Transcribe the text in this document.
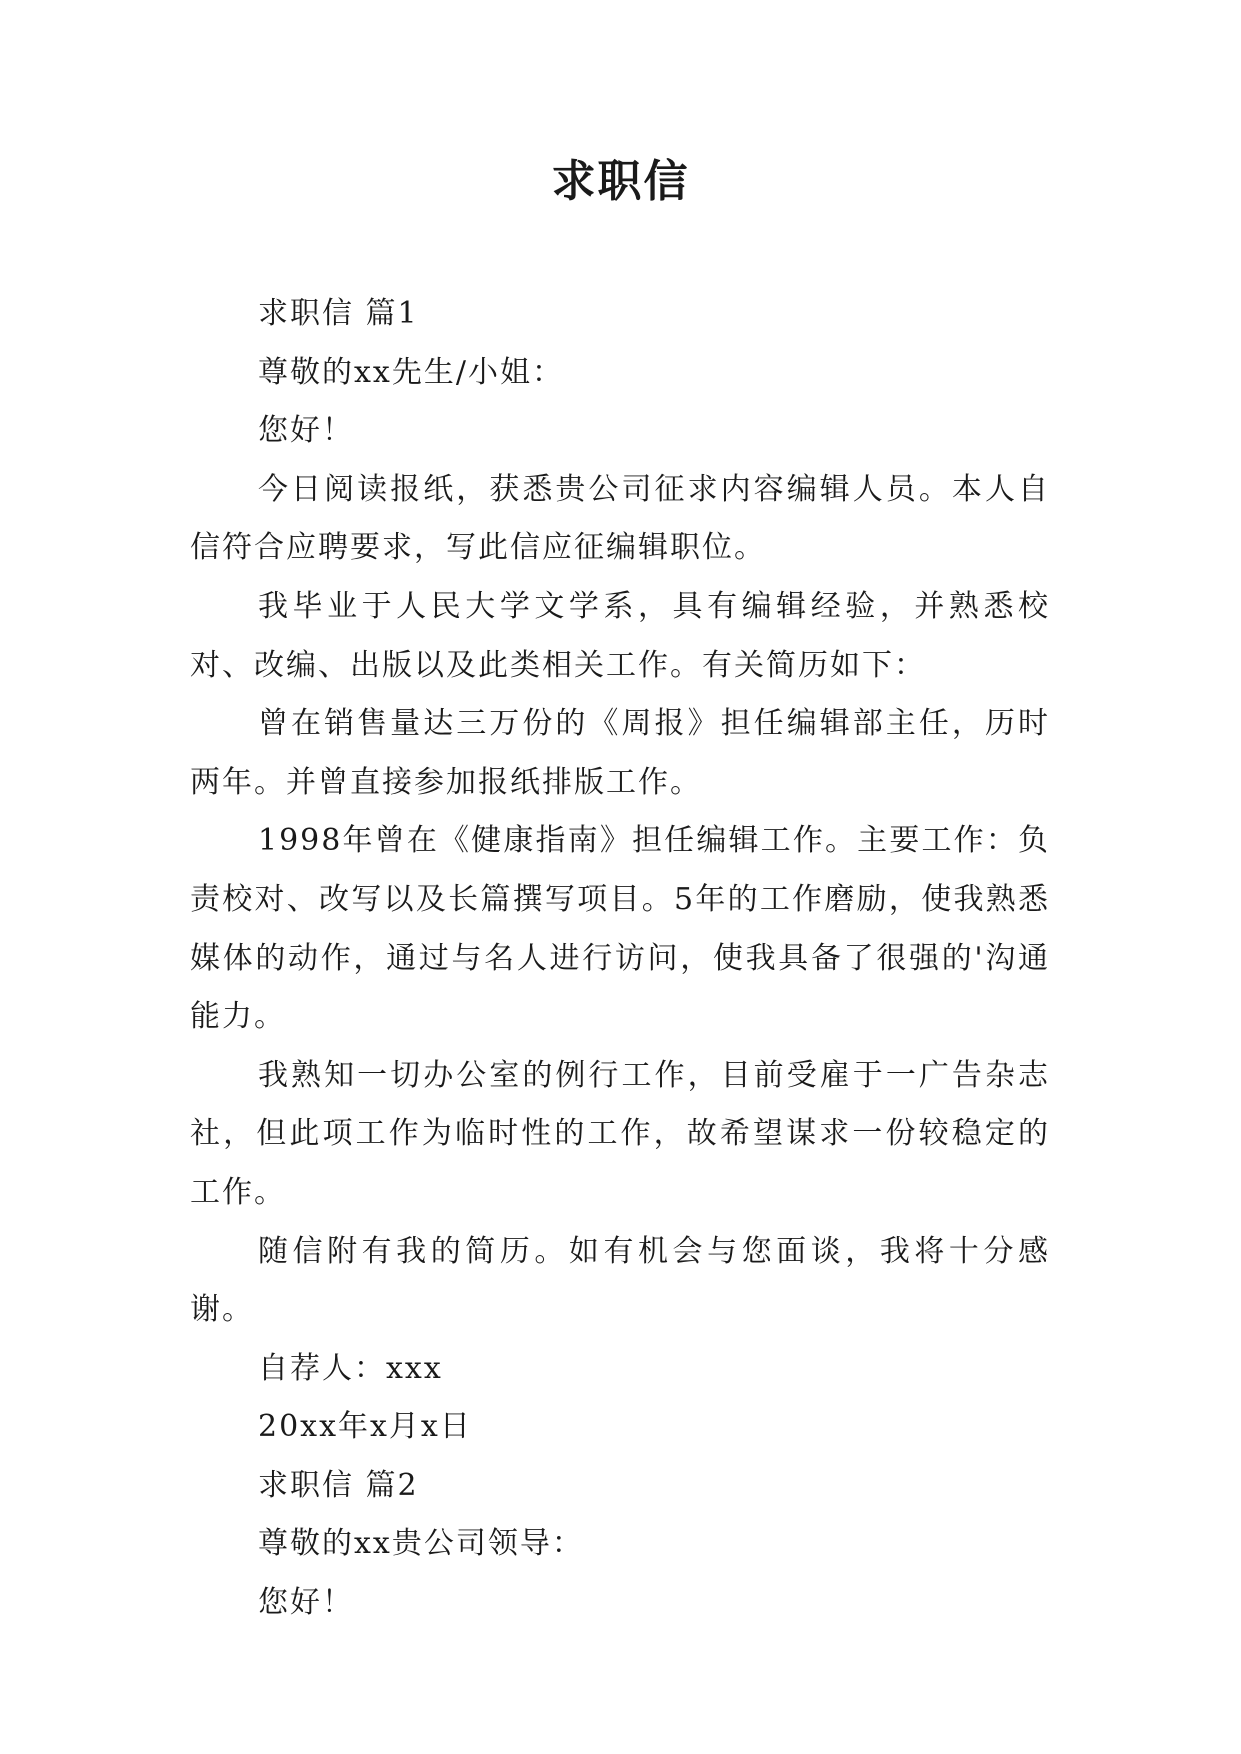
求职信

求职信 篇1

尊敬的xx先生/小姐：

您好！

今日阅读报纸，获悉贵公司征求内容编辑人员。本人自信符合应聘要求，写此信应征编辑职位。

我毕业于人民大学文学系，具有编辑经验，并熟悉校对、改编、出版以及此类相关工作。有关简历如下：

曾在销售量达三万份的《周报》担任编辑部主任，历时两年。并曾直接参加报纸排版工作。

1998年曾在《健康指南》担任编辑工作。主要工作：负责校对、改写以及长篇撰写项目。5年的工作磨励，使我熟悉媒体的动作，通过与名人进行访问，使我具备了很强的'沟通能力。

我熟知一切办公室的例行工作，目前受雇于一广告杂志社，但此项工作为临时性的工作，故希望谋求一份较稳定的工作。

随信附有我的简历。如有机会与您面谈，我将十分感谢。

自荐人：xxx

20xx年x月x日

求职信 篇2

尊敬的xx贵公司领导：

您好！
